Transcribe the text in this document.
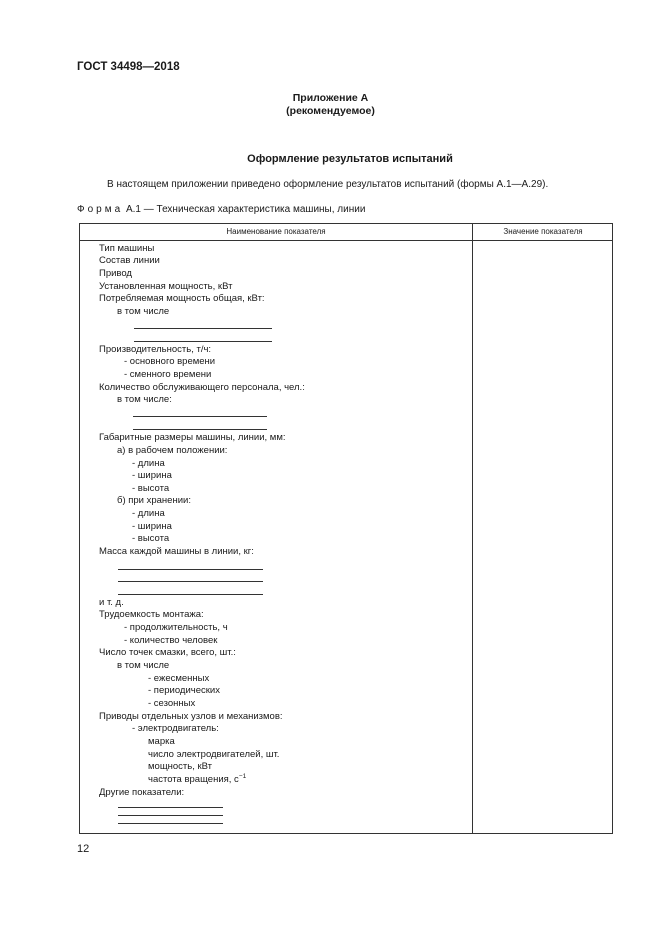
ГОСТ 34498—2018
Приложение А
(рекомендуемое)
Оформление результатов испытаний
В настоящем приложении приведено оформление результатов испытаний (формы А.1—А.29).
Форма А.1 — Техническая характеристика машины, линии
Наименование показателя	Значение показателя
Тип машины
Состав линии
Привод
Установленная мощность, кВт
Потребляемая мощность общая, кВт:
в том числе
Производительность, т/ч:
- основного времени
- сменного времени
Количество обслуживающего персонала, чел.:
в том числе:
Габаритные размеры машины, линии, мм:
а) в рабочем положении:
- длина
- ширина
- высота
б) при хранении:
- длина
- ширина
- высота
Масса каждой машины в линии, кг:
и т. д.
Трудоемкость монтажа:
- продолжительность, ч
- количество человек
Число точек смазки, всего, шт.:
в том числе
- ежесменных
- периодических
- сезонных
Приводы отдельных узлов и механизмов:
- электродвигатель:
марка
число электродвигателей, шт.
мощность, кВт
частота вращения, $с^{-1}$
Другие показатели:
12
